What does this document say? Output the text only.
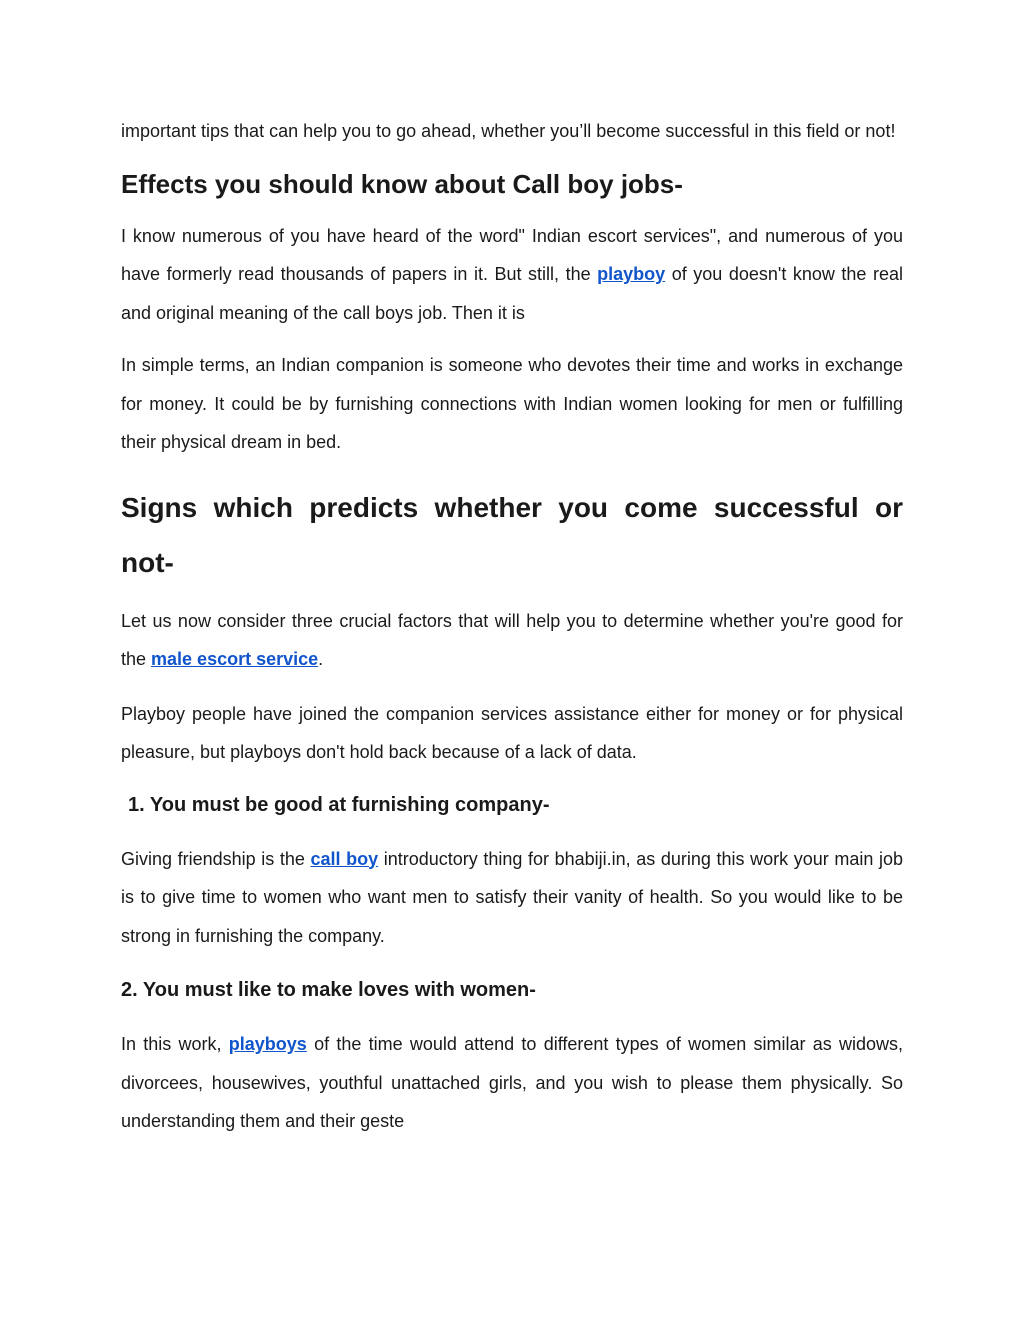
important tips that can help you to go ahead, whether you’ll become successful in this field or not!

Effects you should know about Call boy jobs-

I know numerous of you have heard of the word" Indian escort services", and numerous of you have formerly read thousands of papers in it. But still, the playboy of you doesn't know the real and original meaning of the call boys job. Then it is

In simple terms, an Indian companion is someone who devotes their time and works in exchange for money. It could be by furnishing connections with Indian women looking for men or fulfilling their physical dream in bed.

Signs which predicts whether you come successful or not-

Let us now consider three crucial factors that will help you to determine whether you're good for the male escort service.

Playboy people have joined the companion services assistance either for money or for physical pleasure, but playboys don't hold back because of a lack of data.

1. You must be good at furnishing company-

Giving friendship is the call boy introductory thing for bhabiji.in, as during this work your main job is to give time to women who want men to satisfy their vanity of health. So you would like to be strong in furnishing the company.

2. You must like to make loves with women-

In this work, playboys of the time would attend to different types of women similar as widows, divorcees, housewives, youthful unattached girls, and you wish to please them physically. So understanding them and their geste
